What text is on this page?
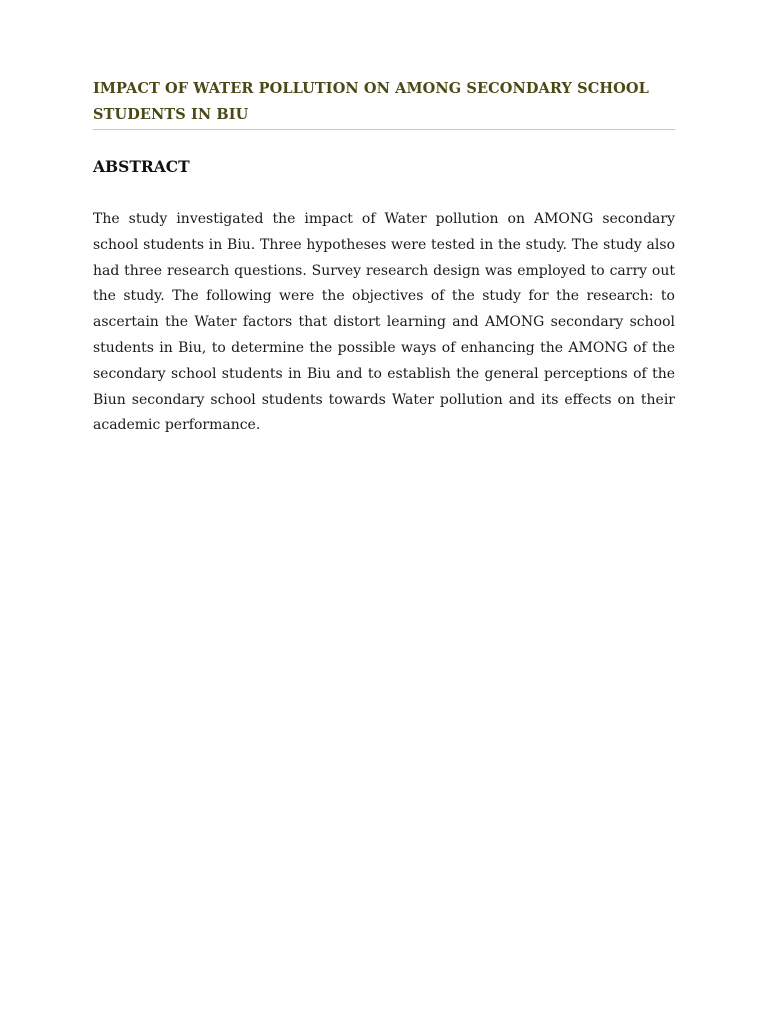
IMPACT OF WATER POLLUTION ON AMONG SECONDARY SCHOOL STUDENTS IN BIU
ABSTRACT

The study investigated the impact of Water pollution on AMONG secondary school students in Biu. Three hypotheses were tested in the study. The study also had three research questions. Survey research design was employed to carry out the study. The following were the objectives of the study for the research: to ascertain the Water factors that distort learning and AMONG secondary school students in Biu, to determine the possible ways of enhancing the AMONG of the secondary school students in Biu and to establish the general perceptions of the Biun secondary school students towards Water pollution and its effects on their academic performance.
